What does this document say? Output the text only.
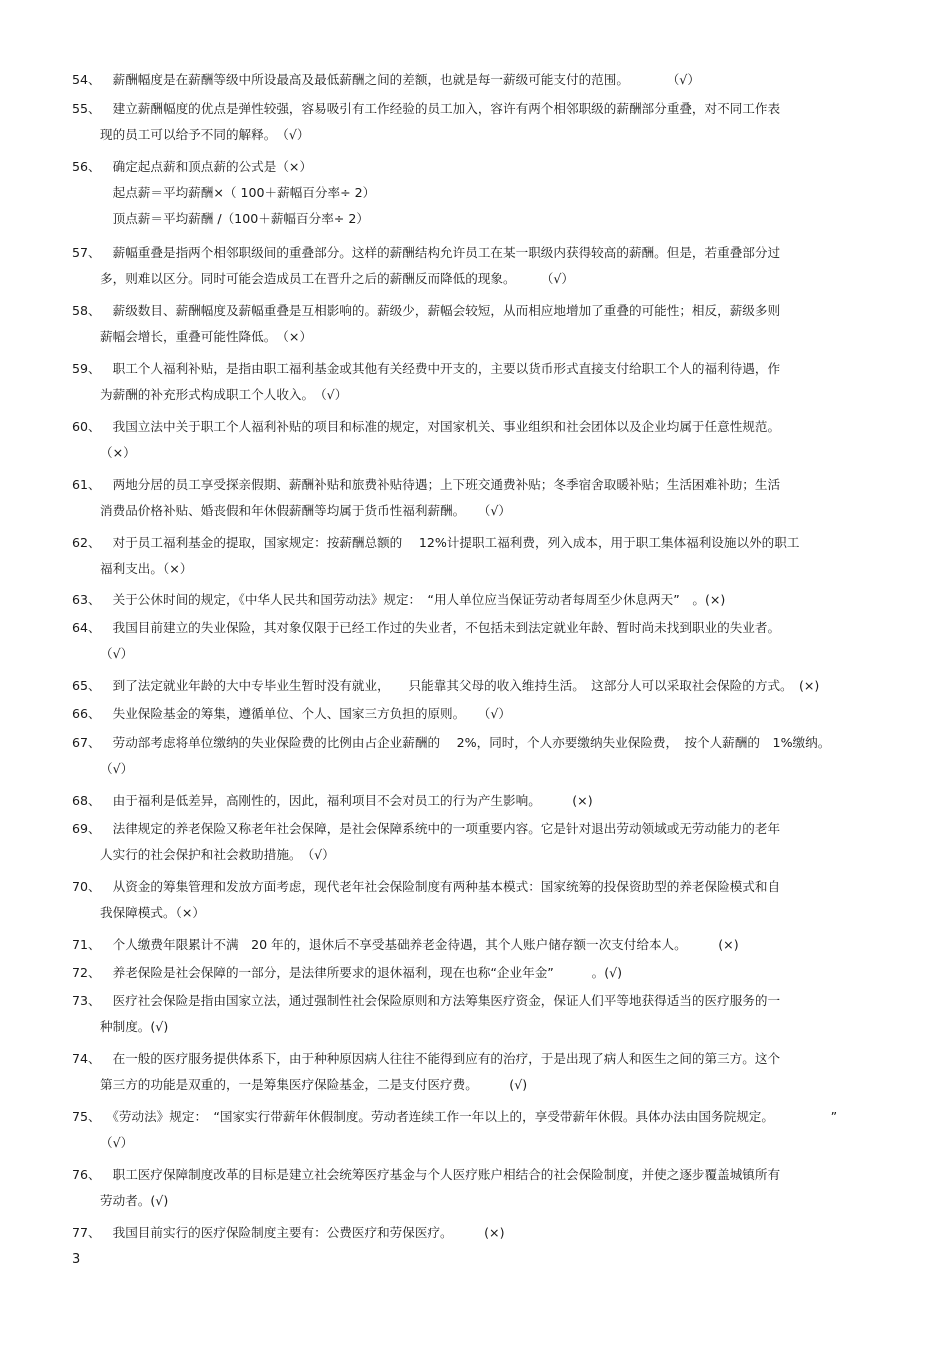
54、 　薪酬幅度是在薪酬等级中所设最高及最低薪酬之间的差额，也就是每一薪级可能支付的范围。　　　　（√）
55、 　建立薪酬幅度的优点是弹性较强，容易吸引有工作经验的员工加入，容许有两个相邻职级的薪酬部分重叠，对不同工作表
现的员工可以给予不同的解释。　（√）
56、 　确定起点薪和顶点薪的公式是（×）
　起点薪＝平均薪酬×（ 100＋薪幅百分率÷ 2）
　顶点薪＝平均薪酬 /（100＋薪幅百分率÷ 2）
57、 　薪幅重叠是指两个相邻职级间的重叠部分。这样的薪酬结构允许员工在某一职级内获得较高的薪酬。但是，若重叠部分过
多，则难以区分。同时可能会造成员工在晋升之后的薪酬反而降低的现象。　　　（√）
58、 　薪级数目、薪酬幅度及薪幅重叠是互相影响的。薪级少，薪幅会较短，从而相应地增加了重叠的可能性；相反，薪级多则
薪幅会增长，重叠可能性降低。　（×）
59、 　职工个人福利补贴，是指由职工福利基金或其他有关经费中开支的，主要以货币形式直接支付给职工个人的福利待遇，作
为薪酬的补充形式构成职工个人收入。　（√）
60、 　我国立法中关于职工个人福利补贴的项目和标准的规定，对国家机关、事业组织和社会团体以及企业均属于任意性规范。
（×）
61、 　两地分居的员工享受探亲假期、薪酬补贴和旅费补贴待遇；上下班交通费补贴；冬季宿舍取暖补贴；生活困难补助；生活
消费品价格补贴、婚丧假和年休假薪酬等均属于货币性福利薪酬。　　（√）
62、 　对于员工福利基金的提取，国家规定：按薪酬总额的　 12%计提职工福利费，列入成本，用于职工集体福利设施以外的职工
福利支出。（×）
63、 　关于公休时间的规定，《中华人民共和国劳动法》规定：　“用人单位应当保证劳动者每周至少休息两天”　。(×)
64、 　我国目前建立的失业保险，其对象仅限于已经工作过的失业者，不包括未到法定就业年龄、暂时尚未找到职业的失业者。
（√）
65、 　到了法定就业年龄的大中专毕业生暂时没有就业，　　只能靠其父母的收入维持生活。　这部分人可以采取社会保险的方式。　(×)
66、 　失业保险基金的筹集，遵循单位、个人、国家三方负担的原则。　　（√）
67、 　劳动部考虑将单位缴纳的失业保险费的比例由占企业薪酬的　 2%，同时，个人亦要缴纳失业保险费，　按个人薪酬的　1%缴纳。
（√）
68、 　由于福利是低差异，高刚性的，因此，福利项目不会对员工的行为产生影响。　　　(×)
69、 　法律规定的养老保险又称老年社会保障，是社会保障系统中的一项重要内容。它是针对退出劳动领域或无劳动能力的老年
人实行的社会保护和社会救助措施。　（√）
70、 　从资金的筹集管理和发放方面考虑，现代老年社会保险制度有两种基本模式：国家统筹的投保资助型的养老保险模式和自
我保障模式。（×）
71、 　个人缴费年限累计不满　20 年的，退休后不享受基础养老金待遇，其个人账户储存额一次支付给本人。　　　(×)
72、 　养老保险是社会保障的一部分，是法律所要求的退休福利，现在也称“企业年金”　　　。(√)
73、 　医疗社会保险是指由国家立法，通过强制性社会保险原则和方法筹集医疗资金，保证人们平等地获得适当的医疗服务的一
种制度。(√)
74、 　在一般的医疗服务提供体系下，由于种种原因病人往往不能得到应有的治疗，于是出现了病人和医生之间的第三方。这个
第三方的功能是双重的，一是筹集医疗保险基金，二是支付医疗费。　　　(√)
75、 　《劳动法》规定：　“国家实行带薪年休假制度。劳动者连续工作一年以上的，享受带薪年休假。具体办法由国务院规定。　　　　　”
（√）
76、 　职工医疗保障制度改革的目标是建立社会统筹医疗基金与个人医疗账户相结合的社会保险制度，并使之逐步覆盖城镇所有
劳动者。(√)
77、 　我国目前实行的医疗保险制度主要有：公费医疗和劳保医疗。　　　(×)
3
